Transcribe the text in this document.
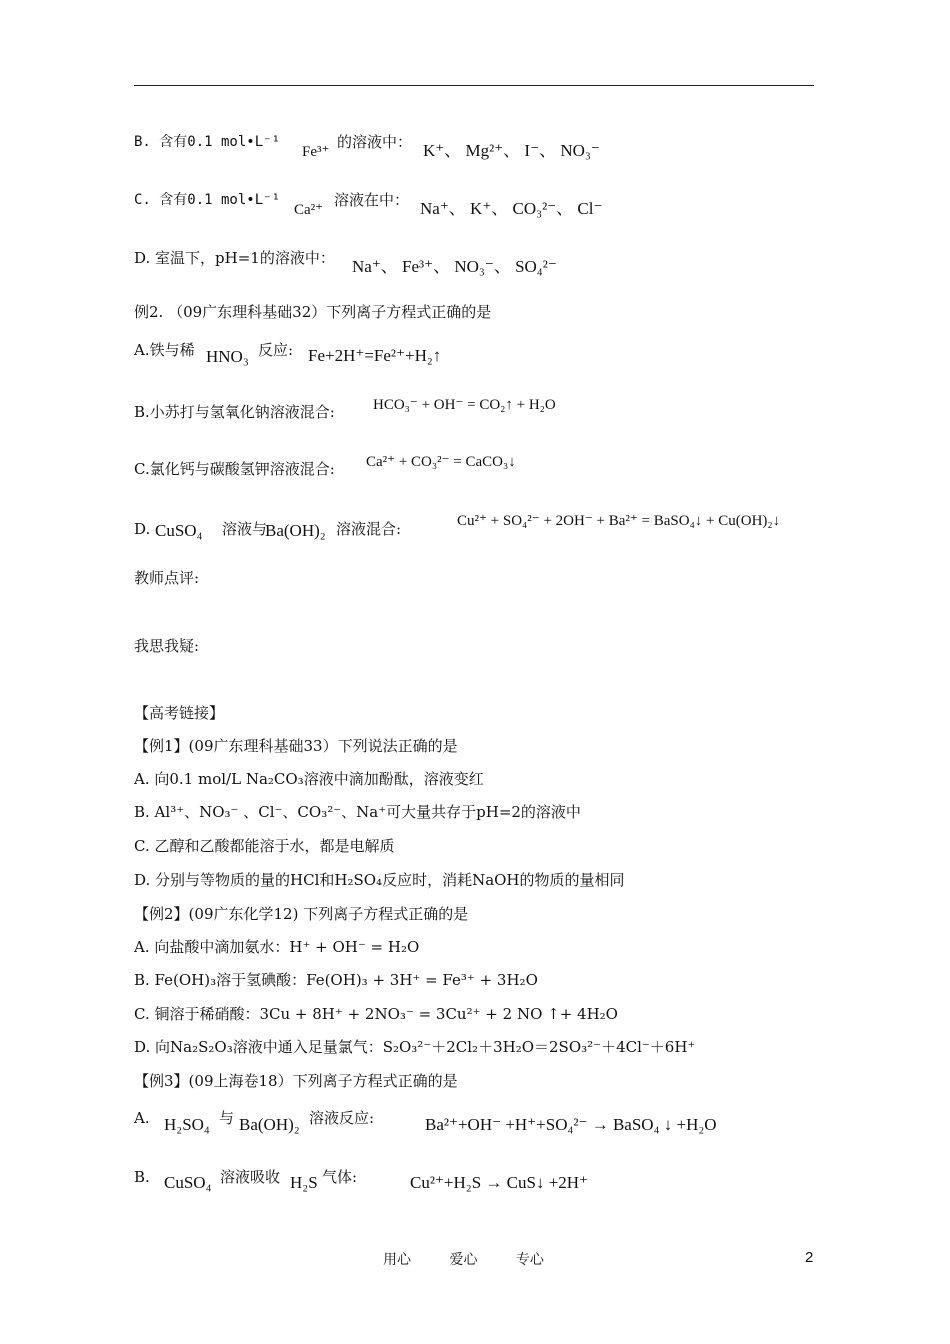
B. 含有0.1 mol•L⁻¹
Fe³⁺
的溶液中： K⁺、 Mg²⁺、 I⁻、 NO₃⁻
C. 含有0.1 mol•L⁻¹
Ca²⁺
溶液在中： Na⁺、 K⁺、 CO₃²⁻、 Cl⁻
D. 室温下，pH=1的溶液中： Na⁺、 Fe³⁺、 NO₃⁻、 SO₄²⁻
例2. （09广东理科基础32）下列离子方程式正确的是
A.铁与稀 HNO₃ 反应: Fe+2H⁺=Fe²⁺+H₂↑
B.小苏打与氢氧化钠溶液混合:	HCO₃⁻ + OH⁻ = CO₂↑ + H₂O
C.氯化钙与碳酸氢钾溶液混合: Ca²⁺ + CO₃²⁻ = CaCO₃↓
D. CuSO₄ 溶液与
Ba(OH)₂ 溶液混合:	Cu²⁺ + SO₄²⁻ + 2OH⁻ + Ba²⁺ = BaSO₄↓ + Cu(OH)₂↓
教师点评:
我思我疑:
【高考链接】
【例1】(09广东理科基础33）下列说法正确的是
A. 向0.1 mol/L Na₂CO₃溶液中滴加酚酞，溶液变红
B. Al³⁺、NO₃⁻ 、Cl⁻、CO₃²⁻、Na⁺可大量共存于pH=2的溶液中
C. 乙醇和乙酸都能溶于水，都是电解质
D. 分别与等物质的量的HCl和H₂SO₄反应时，消耗NaOH的物质的量相同
【例2】(09广东化学12) 下列离子方程式正确的是
A. 向盐酸中滴加氨水：H⁺ + OH⁻ = H₂O
B. Fe(OH)₃溶于氢碘酸：Fe(OH)₃ + 3H⁺ = Fe³⁺ + 3H₂O
C. 铜溶于稀硝酸：3Cu + 8H⁺ + 2NO₃⁻ = 3Cu²⁺ + 2 NO ↑+ 4H₂O
D. 向Na₂S₂O₃溶液中通入足量氯气：S₂O₃²⁻＋2Cl₂＋3H₂O＝2SO₃²⁻＋4Cl⁻＋6H⁺
【例3】(09上海卷18）下列离子方程式正确的是
A. H₂SO₄ 与 Ba(OH)₂ 溶液反应:	Ba²⁺+OH⁻ +H⁺+SO₄²⁻ → BaSO₄ ↓ +H₂O
B. CuSO₄ 溶液吸收 H₂S 气体:	Cu²⁺+H₂S → CuS↓ +2H⁺
用心	爱心	专心	2
